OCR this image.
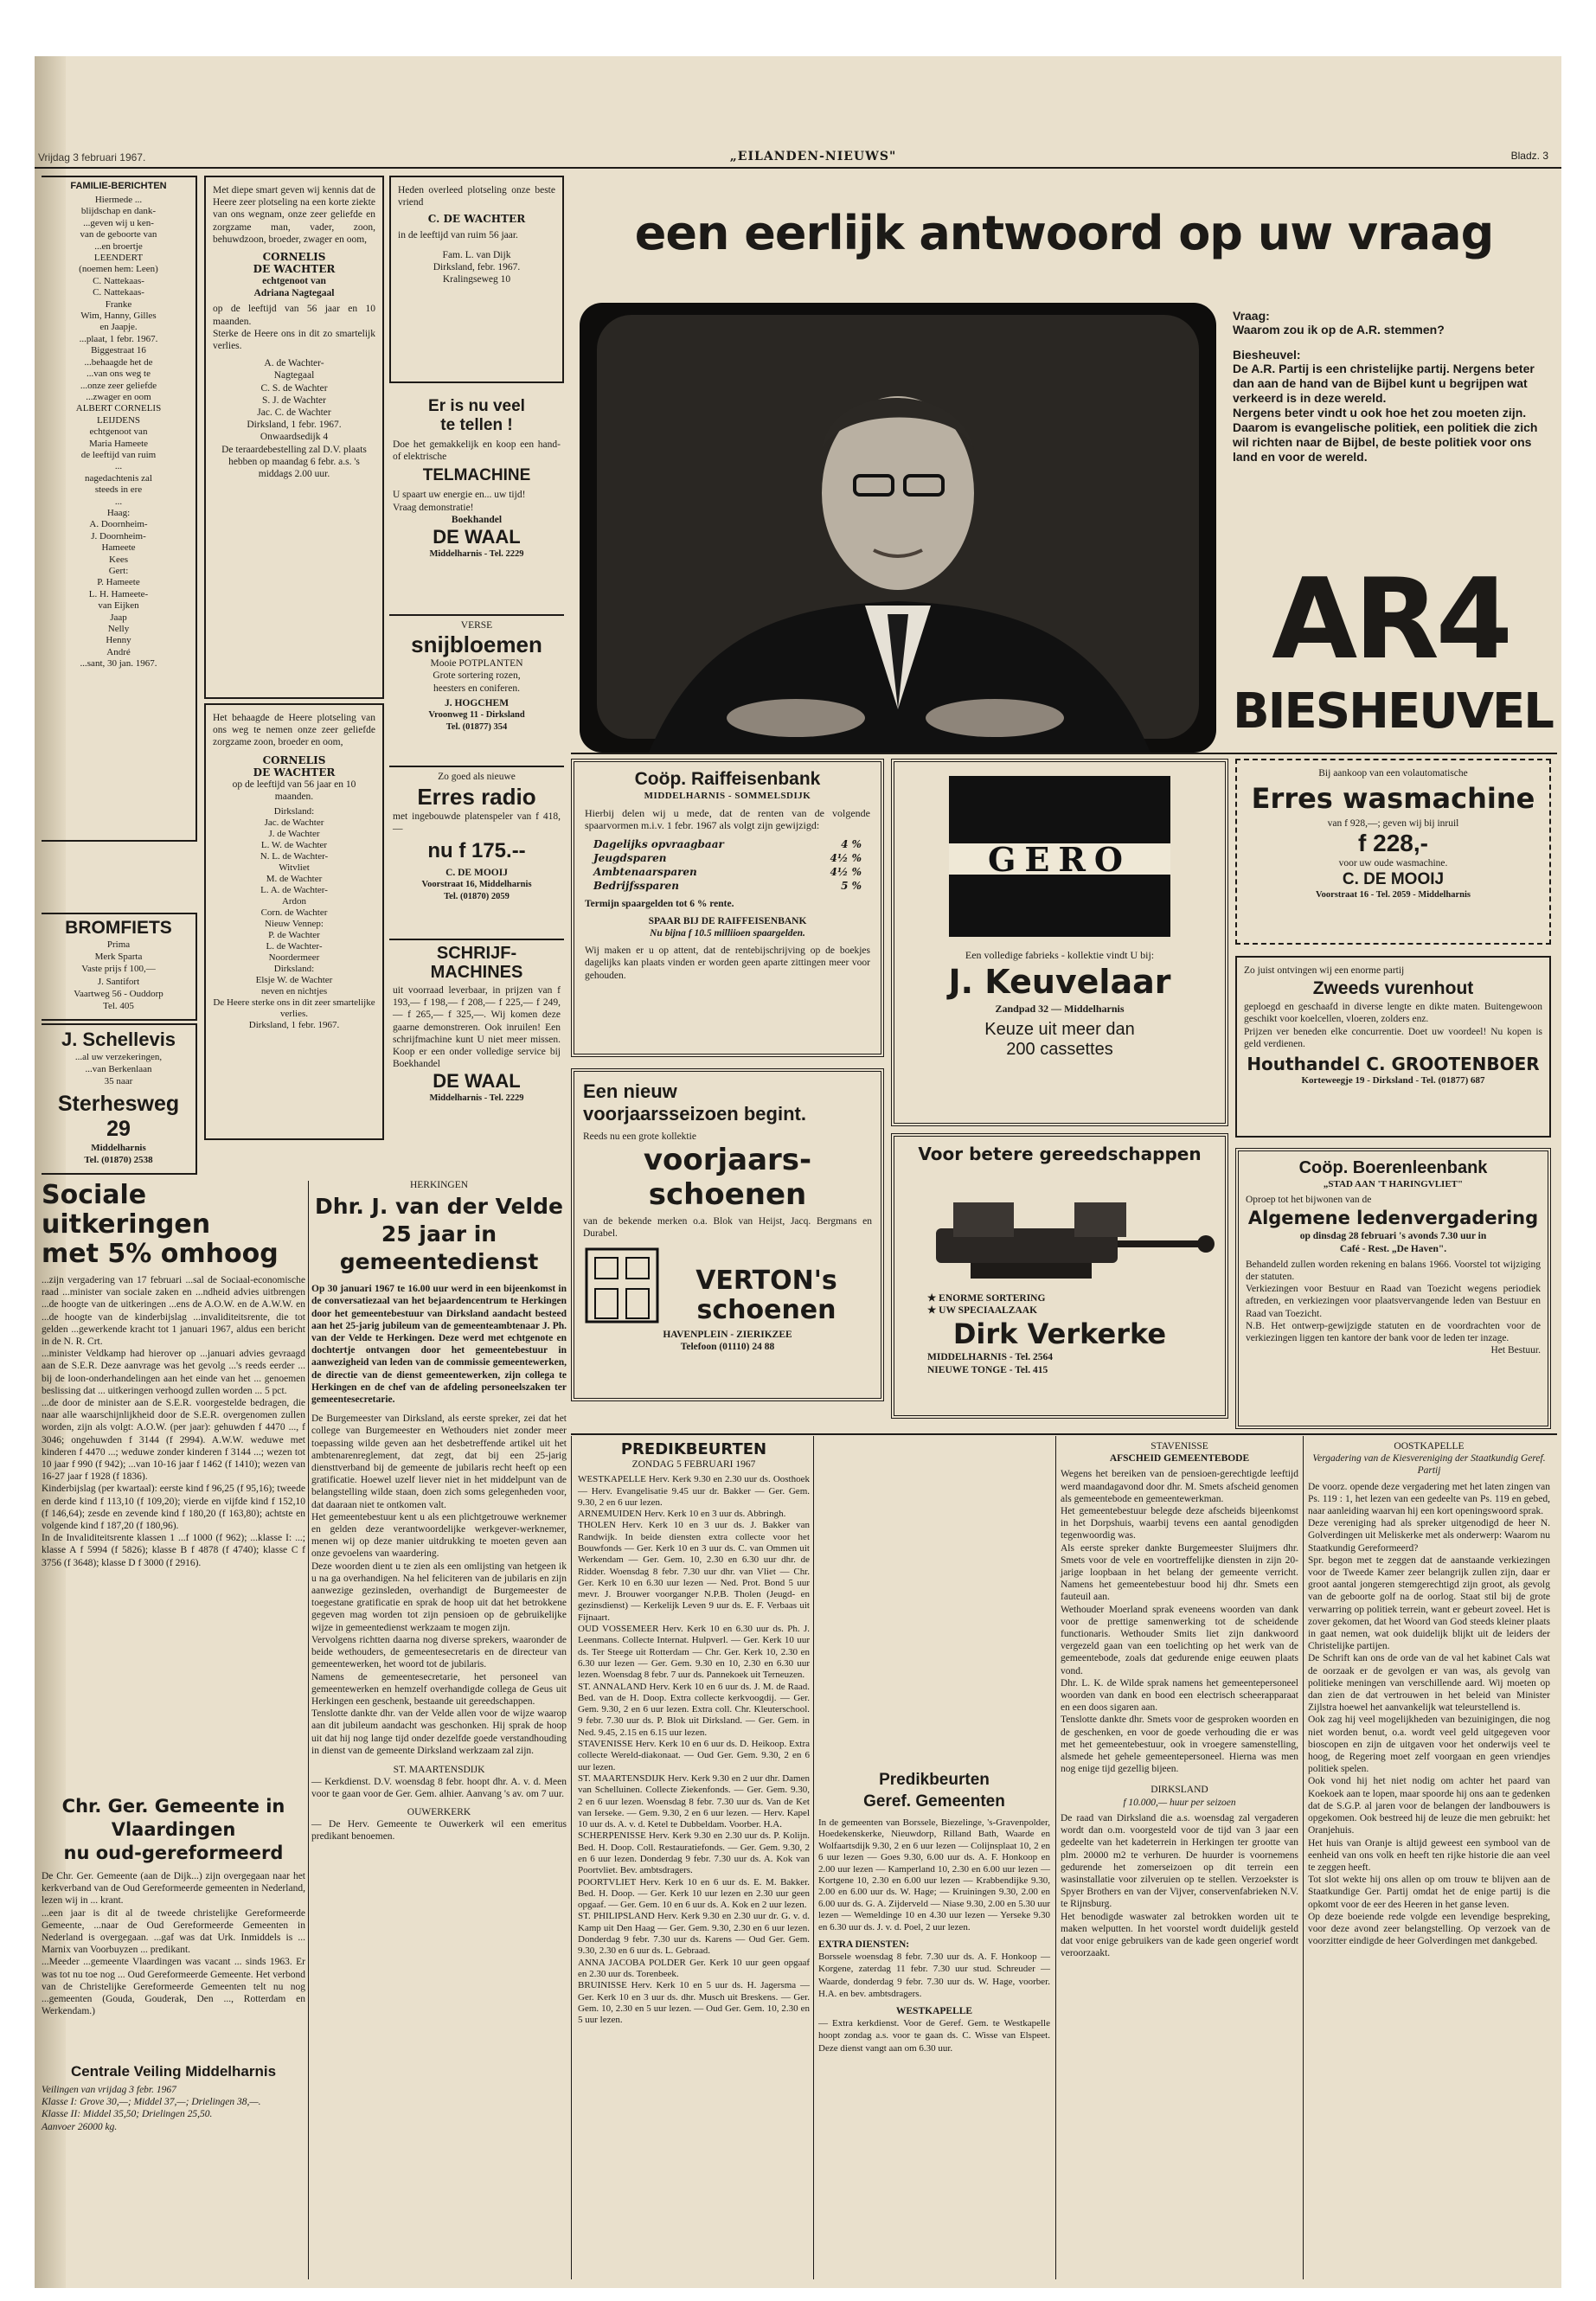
Vrijdag 3 februari 1967.	„EILANDEN-NIEUWS"	Bladz. 3
FAMILIE-BERICHTEN
Hiermede ...
blijdschap en dank-
...geven wij u ken-
van de geboorte van
...en broertje
LEENDERT
(noemen hem: Leen)
C. Nattekaas-
C. Nattekaas-
Franke
Wim, Hanny, Gilles
en Jaapje.
...plaat, 1 febr. 1967.
Biggestraat 16
...behaagde het de
...van ons weg te
...onze zeer geliefde
...zwager en oom
ALBERT CORNELIS
LEIJDENS
echtgenoot van
Maria Hameete
de leeftijd van ruim
...
nagedachtenis zal
steeds in ere
...
Haag:
A. Doornheim-
J. Doornheim-
Hameete
Kees
Gert:
P. Hameete
L. H. Hameete-
van Eijken
Jaap
Nelly
Henny
André
...sant, 30 jan. 1967.
BROMFIETS
Prima
Merk Sparta
Vaste prijs f 100,—
J. Santifort
Vaartweg 56 - Ouddorp
Tel. 405
J. Schellevis
...al uw verzekeringen,
...van Berkenlaan
35 naar
Sterhesweg 29
Middelharnis
Tel. (01870) 2538
Sociale uitkeringen
met 5% omhoog
...zijn vergadering van 17 februari ...sal de Sociaal-economische raad ...minister van sociale zaken en ...ndheid advies uitbrengen ...de hoogte van de uitkeringen ...ens de A.O.W. en de A.W.W. en ...de hoogte van de kinderbijslag ...invaliditeitsrente, die tot gelden ...gewerkende kracht tot 1 januari 1967, aldus een bericht in de N. R. Crt.
...minister Veldkamp had hierover op ...januari advies gevraagd aan de S.E.R. Deze aanvrage was het gevolg ...'s reeds eerder ... bij de loon-onderhandelingen aan het einde van het ... genoemen beslissing dat ... uitkeringen verhoogd zullen worden ... 5 pct.
...de door de minister aan de S.E.R. voorgestelde bedragen, die naar alle waarschijnlijkheid door de S.E.R. overgenomen zullen worden, zijn als volgt: A.O.W. (per jaar): gehuwden f 4470 ..., f 3046; ongehuwden f 3144 (f 2994). A.W.W. weduwe met kinderen f 4470 ...; weduwe zonder kinderen f 3144 ...; wezen tot 10 jaar f 990 (f 942); ...van 10-16 jaar f 1462 (f 1410); wezen van 16-27 jaar f 1928 (f 1836).
Kinderbijslag (per kwartaal): eerste kind f 96,25 (f 95,16); tweede en derde kind f 113,10 (f 109,20); vierde en vijfde kind f 152,10 (f 146,64); zesde en zevende kind f 180,20 (f 163,80); achtste en volgende kind f 187,20 (f 180,96).
In de Invaliditeitsrente klassen 1 ...f 1000 (f 962); ...klasse I: ...; klasse A f 5994 (f 5826); klasse B f 4878 (f 4740); klasse C f 3756 (f 3648); klasse D f 3000 (f 2916).
Chr. Ger. Gemeente in
Vlaardingen
nu oud-gereformeerd
De Chr. Ger. Gemeente (aan de Dijk...) zijn overgegaan naar het kerkverband van de Oud Gereformeerde gemeenten in Nederland, lezen wij in ... krant.
...een jaar is dit al de tweede christelijke Gereformeerde Gemeente, ...naar de Oud Gereformeerde Gemeenten in Nederland is overgegaan. ...gaf was dat Urk. Inmiddels is ... Marnix van Voorbuyzen ... predikant.
...Meeder ...gemeente Vlaardingen was vacant ... sinds 1963. Er was tot nu toe nog ... Oud Gereformeerde Gemeente. Het verbond van de Christelijke Gereformeerde Gemeenten telt nu nog ...gemeenten (Gouda, Gouderak, Den ..., Rotterdam en Werkendam.)
Centrale Veiling Middelharnis
Veilingen van vrijdag 3 febr. 1967
Klasse I: Grove 30,—; Middel 37,—; Drielingen 38,—.
Klasse II: Middel 35,50; Drielingen 25,50.
Aanvoer 26000 kg.
Met diepe smart geven wij kennis dat de Heere zeer plotseling na een korte ziekte van ons wegnam, onze zeer geliefde en zorgzame man, vader, zoon, behuwdzoon, broeder, zwager en oom,
CORNELIS
DE WACHTER
echtgenoot van
Adriana Nagtegaal
op de leeftijd van 56 jaar en 10 maanden.
Sterke de Heere ons in dit zo smartelijk verlies.
A. de Wachter-
Nagtegaal
C. S. de Wachter
S. J. de Wachter
Jac. C. de Wachter
Dirksland, 1 febr. 1967.
Onwaardsedijk 4
De teraardebestelling zal D.V. plaats hebben op maandag 6 febr. a.s. 's middags 2.00 uur.
Het behaagde de Heere plotseling van ons weg te nemen onze zeer geliefde zorgzame zoon, broeder en oom,
CORNELIS
DE WACHTER
op de leeftijd van 56 jaar en 10 maanden.
Dirksland:
Jac. de Wachter
J. de Wachter
L. W. de Wachter
N. L. de Wachter-
Witvliet
M. de Wachter
L. A. de Wachter-
Ardon
Corn. de Wachter
Nieuw Vennep:
P. de Wachter
L. de Wachter-
Noordermeer
Dirksland:
Elsje W. de Wachter
neven en nichtjes
De Heere sterke ons in dit zeer smartelijke verlies.
Dirksland, 1 febr. 1967.
Heden overleed plotseling onze beste vriend
C. DE WACHTER
in de leeftijd van ruim 56 jaar.
Fam. L. van Dijk
Dirksland, febr. 1967.
Kralingseweg 10
Er is nu veel
te tellen !
Doe het gemakkelijk en koop een hand- of elektrische
TELMACHINE
U spaart uw energie en... uw tijd!
Vraag demonstratie!
Boekhandel
DE WAAL
Middelharnis - Tel. 2229
VERSE
snijbloemen
Mooie POTPLANTEN
Grote sortering rozen,
heesters en coniferen.
J. HOGCHEM
Vroonweg 11 - Dirksland
Tel. (01877) 354
Zo goed als nieuwe
Erres radio
met ingebouwde platenspeler van f 418,—
nu f 175.--
C. DE MOOIJ
Voorstraat 16, Middelharnis
Tel. (01870) 2059
SCHRIJF-
MACHINES
uit voorraad leverbaar, in prijzen van f 193,— f 198,— f 208,— f 225,— f 249,— f 265,— f 325,—. Wij komen deze gaarne demonstreren. Ook inruilen! Een schrijfmachine kunt U niet meer missen. Koop er een onder volledige service bij Boekhandel
DE WAAL
Middelharnis - Tel. 2229
HERKINGEN
Dhr. J. van der Velde
25 jaar in
gemeentedienst
Op 30 januari 1967 te 16.00 uur werd in een bijeenkomst in de conversatiezaal van het bejaardencentrum te Herkingen door het gemeentebestuur van Dirksland aandacht besteed aan het 25-jarig jubileum van de gemeenteambtenaar J. Ph. van der Velde te Herkingen. Deze werd met echtgenote en dochtertje ontvangen door het gemeentebestuur in aanwezigheid van leden van de commissie gemeentewerken, de directie van de dienst gemeentewerken, zijn collega te Herkingen en de chef van de afdeling personeelszaken ter gemeentesecretarie.
De Burgemeester van Dirksland, als eerste spreker, zei dat het college van Burgemeester en Wethouders niet zonder meer toepassing wilde geven aan het desbetreffende artikel uit het ambtenarenreglement, dat zegt, dat bij een 25-jarig diensttverband bij de gemeente de jubilaris recht heeft op een gratificatie. Hoewel uzelf liever niet in het middelpunt van de belangstelling wilde staan, doen zich soms gelegenheden voor, dat daaraan niet te ontkomen valt.
Het gemeentebestuur kent u als een plichtgetrouwe werknemer en gelden deze verantwoordelijke werkgever-werknemer, menen wij op deze manier uitdrukking te moeten geven aan onze gevoelens van waardering.
Deze woorden dient u te zien als een omlijsting van hetgeen ik u na ga overhandigen. Na hel feliciteren van de jubilaris en zijn aanwezige gezinsleden, overhandigt de Burgemeester de toegestane gratificatie en sprak de hoop uit dat het betrokkene gegeven mag worden tot zijn pensioen op de gebruikelijke wijze in gemeentedienst werkzaam te mogen zijn.
Vervolgens richtten daarna nog diverse sprekers, waaronder de beide wethouders, de gemeentesecretaris en de directeur van gemeentewerken, het woord tot de jubilaris.
Namens de gemeentesecretarie, het personeel van gemeentewerken en hemzelf overhandigde collega de Geus uit Herkingen een geschenk, bestaande uit gereedschappen.
Tenslotte dankte dhr. van der Velde allen voor de wijze waarop aan dit jubileum aandacht was geschonken. Hij sprak de hoop uit dat hij nog lange tijd onder dezelfde goede verstandhouding in dienst van de gemeente Dirksland werkzaam zal zijn.
ST. MAARTENSDIJK
— Kerkdienst. D.V. woensdag 8 febr. hoopt dhr. A. v. d. Meen voor te gaan voor de Ger. Gem. alhier. Aanvang 's av. om 7 uur.
OUWERKERK
— De Herv. Gemeente te Ouwerkerk wil een emeritus predikant benoemen.
een eerlijk antwoord op uw vraag
Vraag:
Waarom zou ik op de A.R. stemmen?
Biesheuvel:
De A.R. Partij is een christelijke partij. Nergens beter dan aan de hand van de Bijbel kunt u begrijpen wat verkeerd is in deze wereld.
Nergens beter vindt u ook hoe het zou moeten zijn. Daarom is evangelische politiek, een politiek die zich wil richten naar de Bijbel, de beste politiek voor ons land en voor de wereld.
AR4
BIESHEUVEL
Coöp. Raiffeisenbank
MIDDELHARNIS - SOMMELSDIJK
Hierbij delen wij u mede, dat de renten van de volgende spaarvormen m.i.v. 1 febr. 1967 als volgt zijn gewijzigd:
Dagelijks opvraagbaar	4 %
Jeugdsparen	4½ %
Ambtenaarsparen	4½ %
Bedrijfssparen	5 %
Termijn spaargelden tot 6 % rente.
SPAAR BIJ DE RAIFFEISENBANK
Nu bijna f 10.5 milliioen spaargelden.
Wij maken er u op attent, dat de rentebijschrijving op de boekjes dagelijks kan plaats vinden er worden geen aparte zittingen meer voor gehouden.
GERO
Een volledige fabrieks - kollektie vindt U bij:
J. Keuvelaar
Zandpad 32 — Middelharnis
Keuze uit meer dan
200 cassettes
Bij aankoop van een volautomatische
Erres wasmachine
van f 928,—; geven wij bij inruil
f 228,-
voor uw oude wasmachine.
C. DE MOOIJ
Voorstraat 16 - Tel. 2059 - Middelharnis
Zo juist ontvingen wij een enorme partij
Zweeds vurenhout
geploegd en geschaafd in diverse lengte en dikte maten. Buitengewoon geschikt voor koelcellen, vloeren, zolders enz.
Prijzen ver beneden elke concurrentie. Doet uw voordeel! Nu kopen is geld verdienen.
Houthandel C. GROOTENBOER
Korteweegje 19 - Dirksland - Tel. (01877) 687
Een nieuw
voorjaarsseizoen begint.
Reeds nu een grote kollektie
voorjaars-
schoenen
van de bekende merken o.a. Blok van Heijst, Jacq. Bergmans en Durabel.
VERTON's
schoenen
HAVENPLEIN - ZIERIKZEE
Telefoon (01110) 24 88
Voor betere gereedschappen
★ ENORME SORTERING
★ UW SPECIAALZAAK
Dirk Verkerke
MIDDELHARNIS - Tel. 2564
NIEUWE TONGE - Tel. 415
Coöp. Boerenleenbank
„STAD AAN 'T HARINGVLIET"
Oproep tot het bijwonen van de
Algemene ledenvergadering
op dinsdag 28 februari 's avonds 7.30 uur in
Café - Rest. „De Haven".
Behandeld zullen worden rekening en balans 1966. Voorstel tot wijziging der statuten.
Verkiezingen voor Bestuur en Raad van Toezicht wegens periodiek aftreden, en verkiezingen voor plaatsvervangende leden van Bestuur en Raad van Toezicht.
N.B. Het ontwerp-gewijzigde statuten en de voordrachten voor de verkiezingen liggen ten kantore der bank voor de leden ter inzage.
Het Bestuur.
PREDIKBEURTEN
ZONDAG 5 FEBRUARI 1967
WESTKAPELLE Herv. Kerk 9.30 en 2.30 uur ds. Oosthoek — Herv. Evangelisatie 9.45 uur dr. Bakker — Ger. Gem. 9.30, 2 en 6 uur lezen.
ARNEMUIDEN Herv. Kerk 10 en 3 uur ds. Abbringh.
THOLEN Herv. Kerk 10 en 3 uur ds. J. Bakker van Randwijk. In beide diensten extra collecte voor het Bouwfonds — Ger. Kerk 10 en 3 uur ds. C. van Ommen uit Werkendam — Ger. Gem. 10, 2.30 en 6.30 uur dhr. de Ridder. Woensdag 8 febr. 7.30 uur dhr. van Vliet — Chr. Ger. Kerk 10 en 6.30 uur lezen — Ned. Prot. Bond 5 uur mevr. J. Brouwer voorganger N.P.B. Tholen (Jeugd- en gezinsdienst) — Kerkelijk Leven 9 uur ds. E. F. Verbaas uit Fijnaart.
OUD VOSSEMEER Herv. Kerk 10 en 6.30 uur ds. Ph. J. Leenmans. Collecte Internat. Hulpverl. — Ger. Kerk 10 uur ds. Ter Steege uit Rotterdam — Chr. Ger. Kerk 10, 2.30 en 6.30 uur lezen — Ger. Gem. 9.30 en 10, 2.30 en 6.30 uur lezen. Woensdag 8 febr. 7 uur ds. Pannekoek uit Terneuzen.
ST. ANNALAND Herv. Kerk 10 en 6 uur ds. J. M. de Raad. Bed. van de H. Doop. Extra collecte kerkvoogdij. — Ger. Gem. 9.30, 2 en 6 uur lezen. Extra coll. Chr. Kleuterschool. 9 febr. 7.30 uur ds. P. Blok uit Dirksland. — Ger. Gem. in Ned. 9.45, 2.15 en 6.15 uur lezen.
STAVENISSE Herv. Kerk 10 en 6 uur ds. D. Heikoop. Extra collecte Wereld-diakonaat. — Oud Ger. Gem. 9.30, 2 en 6 uur lezen.
ST. MAARTENSDIJK Herv. Kerk 9.30 en 2 uur dhr. Damen van Schelluinen. Collecte Ziekenfonds. — Ger. Gem. 9.30, 2 en 6 uur lezen. Woensdag 8 febr. 7.30 uur ds. Van de Ket van Ierseke. — Gem. 9.30, 2 en 6 uur lezen. — Herv. Kapel 10 uur ds. A. v. d. Ketel te Dubbeldam. Voorber. H.A.
SCHERPENISSE Herv. Kerk 9.30 en 2.30 uur ds. P. Kolijn. Bed. H. Doop. Coll. Restauratiefonds. — Ger. Gem. 9.30, 2 en 6 uur lezen. Donderdag 9 febr. 7.30 uur ds. A. Kok van Poortvliet. Bev. ambtsdragers.
POORTVLIET Herv. Kerk 10 en 6 uur ds. E. M. Bakker. Bed. H. Doop. — Ger. Kerk 10 uur lezen en 2.30 uur geen opgaaf. — Ger. Gem. 10 en 6 uur ds. A. Kok en 2 uur lezen.
ST. PHILIPSLAND Herv. Kerk 9.30 en 2.30 uur dr. G. v. d. Kamp uit Den Haag — Ger. Gem. 9.30, 2.30 en 6 uur lezen. Donderdag 9 febr. 7.30 uur ds. Karens — Oud Ger. Gem. 9.30, 2.30 en 6 uur ds. L. Gebraad.
ANNA JACOBA POLDER Ger. Kerk 10 uur geen opgaaf en 2.30 uur ds. Torenbeek.
BRUINISSE Herv. Kerk 10 en 5 uur ds. H. Jagersma — Ger. Kerk 10 en 3 uur ds. dhr. Musch uit Breskens. — Ger. Gem. 10, 2.30 en 5 uur lezen. — Oud Ger. Gem. 10, 2.30 en 5 uur lezen.
Predikbeurten
Geref. Gemeenten
In de gemeenten van Borssele, Biezelinge, 's-Gravenpolder, Hoedekenskerke, Nieuwdorp, Rilland Bath, Waarde en Wolfaartsdijk 9.30, 2 en 6 uur lezen — Colijnsplaat 10, 2 en 6 uur lezen — Goes 9.30, 6.00 uur ds. A. F. Honkoop en 2.00 uur lezen — Kamperland 10, 2.30 en 6.00 uur lezen — Kortgene 10, 2.30 en 6.00 uur lezen — Krabbendijke 9.30, 2.00 en 6.00 uur ds. W. Hage; — Kruiningen 9.30, 2.00 en 6.00 uur ds. G. A. Zijderveld — Niase 9.30, 2.00 en 5.30 uur lezen — Wemeldinge 10 en 4.30 uur lezen — Yerseke 9.30 en 6.30 uur ds. J. v. d. Poel, 2 uur lezen.
EXTRA DIENSTEN:
Borssele woensdag 8 febr. 7.30 uur ds. A. F. Honkoop — Korgene, zaterdag 11 febr. 7.30 uur stud. Schreuder — Waarde, donderdag 9 febr. 7.30 uur ds. W. Hage, voorber. H.A. en bev. ambtsdragers.
WESTKAPELLE
— Extra kerkdienst. Voor de Geref. Gem. te Westkapelle hoopt zondag a.s. voor te gaan ds. C. Wisse van Elspeet. Deze dienst vangt aan om 6.30 uur.
STAVENISSE
AFSCHEID GEMEENTEBODE
Wegens het bereiken van de pensioen-gerechtigde leeftijd werd maandagavond door dhr. M. Smets afscheid genomen als gemeentebode en gemeentewerkman.
Het gemeentebestuur belegde deze afscheids bijeenkomst in het Dorpshuis, waarbij tevens een aantal genodigden tegenwoordig was.
Als eerste spreker dankte Burgemeester Sluijmers dhr. Smets voor de vele en voortreffelijke diensten in zijn 20-jarige loopbaan in het belang der gemeente verricht. Namens het gemeentebestuur bood hij dhr. Smets een fauteuil aan.
Wethouder Moerland sprak eveneens woorden van dank voor de prettige samenwerking tot de scheidende functionaris. Wethouder Smits liet zijn dankwoord vergezeld gaan van een toelichting op het werk van de gemeentebode, zoals dat gedurende enige eeuwen plaats vond.
Dhr. L. K. de Wilde sprak namens het gemeentepersoneel woorden van dank en bood een electrisch scheerapparaat en een doos sigaren aan.
Tenslotte dankte dhr. Smets voor de gesproken woorden en de geschenken, en voor de goede verhouding die er was met het gemeentebestuur, ook in vroegere samenstelling, alsmede het gehele gemeentepersoneel. Hierna was men nog enige tijd gezellig bijeen.
DIRKSLAND
f 10.000,— huur per seizoen
De raad van Dirksland die a.s. woensdag zal vergaderen wordt dan o.m. voorgesteld voor de tijd van 3 jaar een gedeelte van het kadeterrein in Herkingen ter grootte van plm. 20000 m2 te verhuren. De huurder is voornemens gedurende het zomerseizoen op dit terrein een wasinstallatie voor zilveruien op te stellen. Verzoekster is Spyer Brothers en van der Vijver, conservenfabrieken N.V. te Rijnsburg.
Het benodigde waswater zal betrokken worden uit te maken welputten. In het voorstel wordt duidelijk gesteld dat voor enige gebruikers van de kade geen ongerief wordt veroorzaakt.
OOSTKAPELLE
Vergadering van de Kiesvereniging der Staatkundig Geref. Partij
De voorz. opende deze vergadering met het laten zingen van Ps. 119 : 1, het lezen van een gedeelte van Ps. 119 en gebed, naar aanleiding waarvan hij een kort openingswoord sprak.
Deze vereniging had als spreker uitgenodigd de heer N. Golverdingen uit Meliskerke met als onderwerp: Waarom nu Staatkundig Gereformeerd?
Spr. begon met te zeggen dat de aanstaande verkiezingen voor de Tweede Kamer zeer belangrijk zullen zijn, daar er groot aantal jongeren stemgerechtigd zijn groot, als gevolg van de geboorte golf na de oorlog. Staat stil bij de grote verwarring op politiek terrein, want er gebeurt zoveel. Het is zover gekomen, dat het Woord van God steeds kleiner plaats in gaat nemen, wat ook duidelijk blijkt uit de leiders der Christelijke partijen.
De Schrift kan ons de orde van de val het kabinet Cals wat de oorzaak er de gevolgen er van was, als gevolg van politieke meningen van verschillende aard. Wij moeten op dan zien de dat vertrouwen in het beleid van Minister Zijlstra hoewel het aanvankelijk wat teleurstellend is.
Ook zag hij veel mogelijkheden van bezuinigingen, die nog niet worden benut, o.a. wordt veel geld uitgegeven voor bioscopen en zijn de uitgaven voor het onderwijs veel te hoog, de Regering moet zelf voorgaan en geen vriendjes politiek spelen.
Ook vond hij het niet nodig om achter het paard van Koekoek aan te lopen, maar spoorde hij ons aan te gedenken dat de S.G.P. al jaren voor de belangen der landbouwers is opgekomen. Ook bestreed hij de leuze die men gebruikt: het Oranjehuis.
Het huis van Oranje is altijd geweest een symbool van de eenheid van ons volk en heeft ten rijke historie die aan veel te zeggen heeft.
Tot slot wekte hij ons allen op om trouw te blijven aan de Staatkundige Ger. Partij omdat het de enige partij is die opkomt voor de eer des Heeren in het ganse leven.
Op deze boeiende rede volgde een levendige bespreking, voor deze avond zeer belangstelling. Op verzoek van de voorzitter eindigde de heer Golverdingen met dankgebed.
